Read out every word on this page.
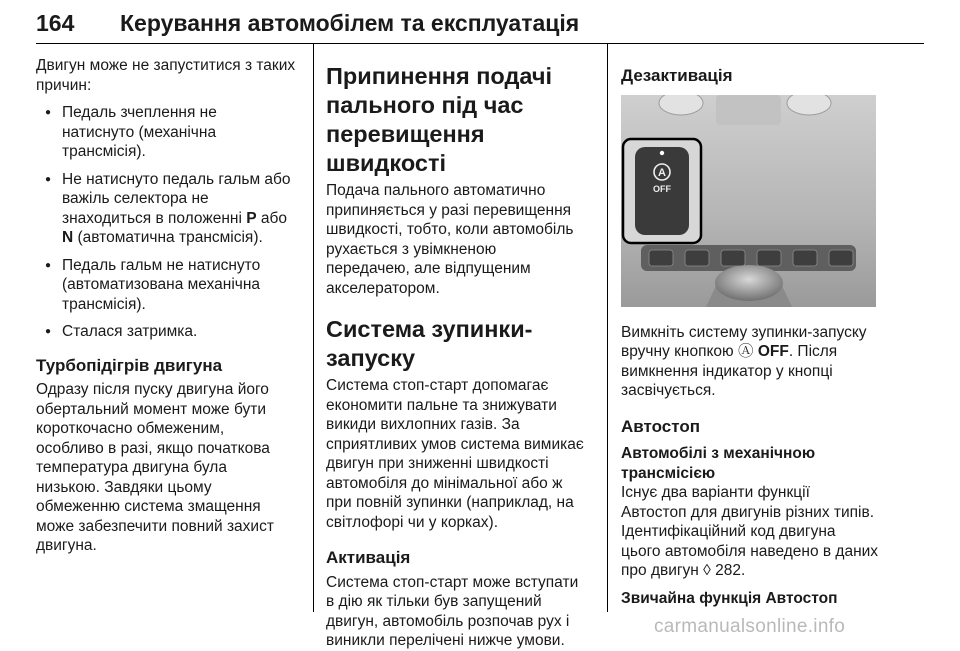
164 Керування автомобілем та експлуатація

Двигун може не запуститися з таких
причин:

● Педаль зчеплення не
натиснуто (механічна
трансмісія).
● Не натиснуто педаль гальм або
важіль селектора не
знаходиться в положенні P або
N (автоматична трансмісія).
● Педаль гальм не натиснуто
(автоматизована механічна
трансмісія).
● Сталася затримка.
Турбопідігрів двигуна

Одразу після пуску двигуна його
обертальний момент може бути
короткочасно обмеженим,
особливо в разі, якщо початкова
температура двигуна була
низькою. Завдяки цьому
обмеженню система змащення
може забезпечити повний захист
двигуна.

Припинення подачі
пального під час
перевищення швидкості

Подача пального автоматично
припиняється у разі перевищення
швидкості, тобто, коли автомобіль
рухається з увімкненою
передачею, але відпущеним
акселератором.

Система зупинки-запуску

Система стоп-старт допомагає
економити пальне та знижувати
викиди вихлопних газів. За
сприятливих умов система вимикає
двигун при зниженні швидкості
автомобіля до мінімальної або ж
при повній зупинки (наприклад, на
світлофорі чи у корках).

Активація

Система стоп-старт може вступати
в дію як тільки був запущений
двигун, автомобіль розпочав рух і
виникли перелічені нижче умови.

Дезактивація
A
OFF

Вимкніть систему зупинки-запуску
вручну кнопкою Ⓐ OFF. Після
вимкнення індикатор у кнопці
засвічується.

Автостоп
Автомобілі з механічною
трансмісією

Існує два варіанти функції
Автостоп для двигунів різних типів.
Ідентифікаційний код двигуна
цього автомобіля наведено в даних
про двигун ◊ 282.

Звичайна функція Автостоп
carmanualsonline.info
